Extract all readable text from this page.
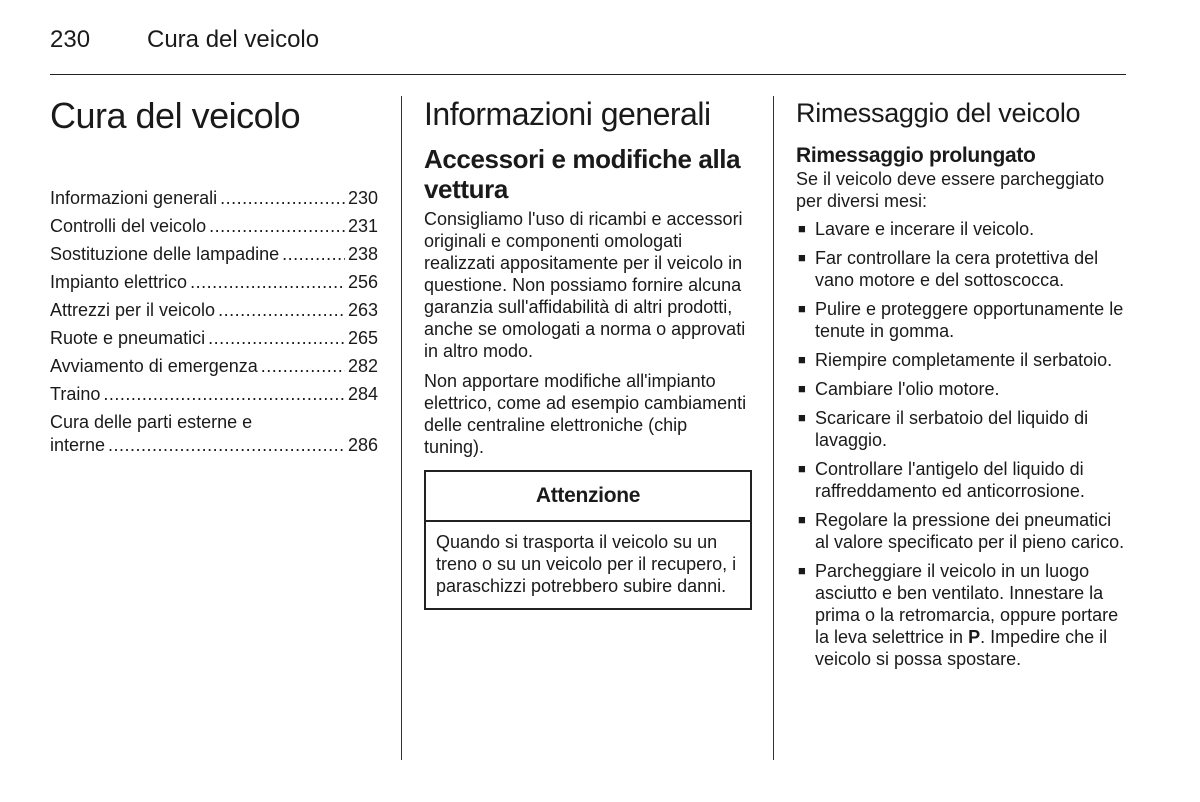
230 Cura del veicolo
Cura del veicolo
Informazioni generali .....	230
Controlli del veicolo .....	231
Sostituzione delle lampadine .....	238
Impianto elettrico .....	256
Attrezzi per il veicolo .....	263
Ruote e pneumatici .....	265
Avviamento di emergenza .....	282
Traino .....	284
Cura delle parti esterne e
interne .....	286
Informazioni generali
Accessori e modifiche alla vettura

Consigliamo l'uso di ricambi e accessori originali e componenti omologati realizzati appositamente per il veicolo in questione. Non possiamo fornire alcuna garanzia sull'affidabilità di altri prodotti, anche se omologati a norma o approvati in altro modo.

Non apportare modifiche all'impianto elettrico, come ad esempio cambiamenti delle centraline elettroniche (chip tuning).

Attenzione
Quando si trasporta il veicolo su un treno o su un veicolo per il recupero, i paraschizzi potrebbero subire danni.
Rimessaggio del veicolo
Rimessaggio prolungato

Se il veicolo deve essere parcheggiato per diversi mesi:

■ Lavare e incerare il veicolo.
■ Far controllare la cera protettiva del vano motore e del sottoscocca.
■ Pulire e proteggere opportunamente le tenute in gomma.
■ Riempire completamente il serbatoio.
■ Cambiare l'olio motore.
■ Scaricare il serbatoio del liquido di lavaggio.
■ Controllare l'antigelo del liquido di raffreddamento ed anticorrosione.
■ Regolare la pressione dei pneumatici al valore specificato per il pieno carico.
■ Parcheggiare il veicolo in un luogo asciutto e ben ventilato. Innestare la prima o la retromarcia, oppure portare la leva selettrice in P. Impedire che il veicolo si possa spostare.
